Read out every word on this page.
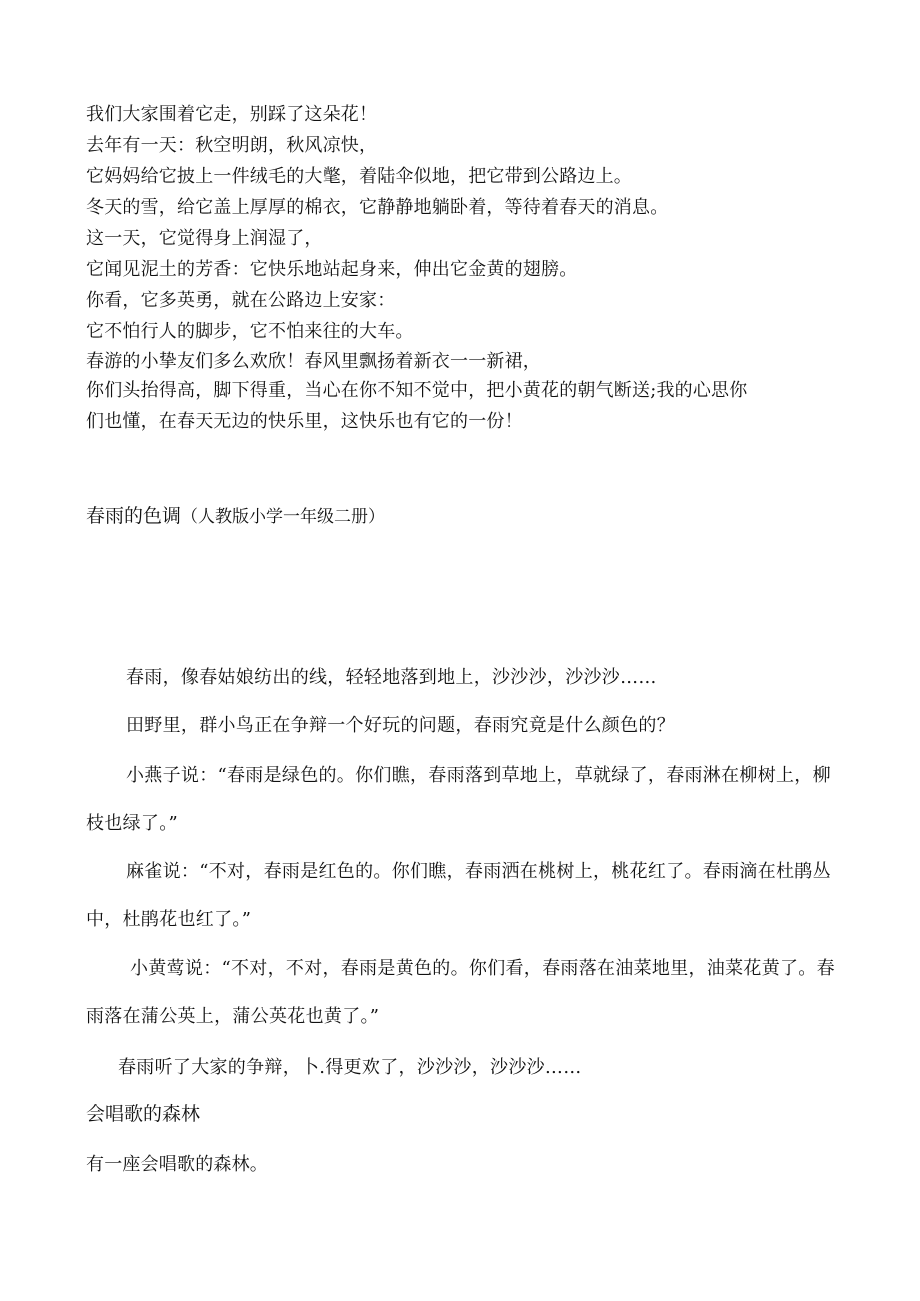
我们大家围着它走，别踩了这朵花！
去年有一天：秋空明朗，秋风凉快，
它妈妈给它披上一件绒毛的大氅，着陆伞似地，把它带到公路边上。
冬天的雪，给它盖上厚厚的棉衣，它静静地躺卧着，等待着春天的消息。
这一天，它觉得身上润湿了，
它闻见泥土的芳香：它快乐地站起身来，伸出它金黄的翅膀。
你看，它多英勇，就在公路边上安家：
它不怕行人的脚步，它不怕来往的大车。
春游的小挚友们多么欢欣！春风里飘扬着新衣一一新裙，
你们头抬得高，脚下得重，当心在你不知不觉中，把小黄花的朝气断送;我的心思你
们也懂，在春天无边的快乐里，这快乐也有它的一份！
春雨的色调（人教版小学一年级二册）
春雨，像春姑娘纺出的线，轻轻地落到地上，沙沙沙，沙沙沙……
田野里，群小鸟正在争辩一个好玩的问题，春雨究竟是什么颜色的？
小燕子说：“春雨是绿色的。你们瞧，春雨落到草地上，草就绿了，春雨淋在柳树上，柳枝也绿了。”
麻雀说：“不对，春雨是红色的。你们瞧，春雨洒在桃树上，桃花红了。春雨滴在杜鹃丛中，杜鹃花也红了。”
小黄莺说：“不对，不对，春雨是黄色的。你们看，春雨落在油菜地里，油菜花黄了。春雨落在蒲公英上，蒲公英花也黄了。”
春雨听了大家的争辩，卜.得更欢了，沙沙沙，沙沙沙……
会唱歌的森林
有一座会唱歌的森林。
